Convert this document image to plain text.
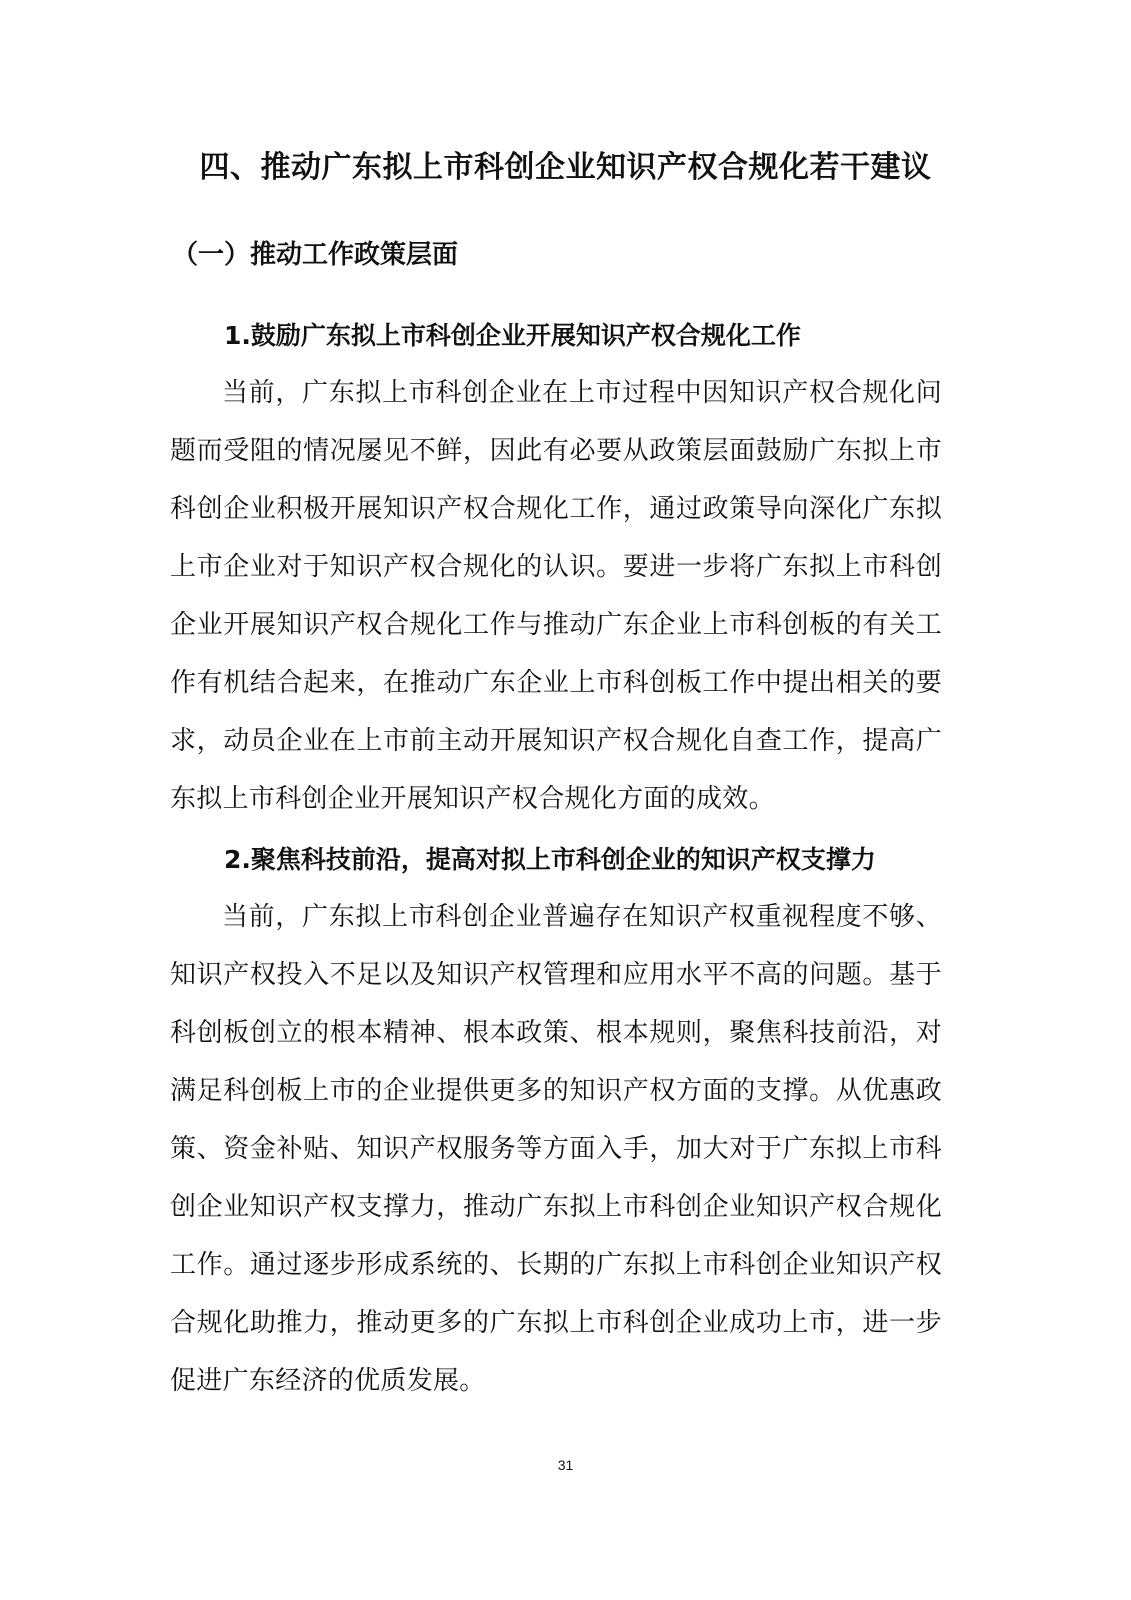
四、推动广东拟上市科创企业知识产权合规化若干建议
（一）推动工作政策层面
1.鼓励广东拟上市科创企业开展知识产权合规化工作

当前，广东拟上市科创企业在上市过程中因知识产权合规化问题而受阻的情况屡见不鲜，因此有必要从政策层面鼓励广东拟上市科创企业积极开展知识产权合规化工作，通过政策导向深化广东拟上市企业对于知识产权合规化的认识。要进一步将广东拟上市科创企业开展知识产权合规化工作与推动广东企业上市科创板的有关工作有机结合起来，在推动广东企业上市科创板工作中提出相关的要求，动员企业在上市前主动开展知识产权合规化自查工作，提高广东拟上市科创企业开展知识产权合规化方面的成效。

2.聚焦科技前沿，提高对拟上市科创企业的知识产权支撑力

当前，广东拟上市科创企业普遍存在知识产权重视程度不够、知识产权投入不足以及知识产权管理和应用水平不高的问题。基于科创板创立的根本精神、根本政策、根本规则，聚焦科技前沿，对满足科创板上市的企业提供更多的知识产权方面的支撑。从优惠政策、资金补贴、知识产权服务等方面入手，加大对于广东拟上市科创企业知识产权支撑力，推动广东拟上市科创企业知识产权合规化工作。通过逐步形成系统的、长期的广东拟上市科创企业知识产权合规化助推力，推动更多的广东拟上市科创企业成功上市，进一步促进广东经济的优质发展。

31
